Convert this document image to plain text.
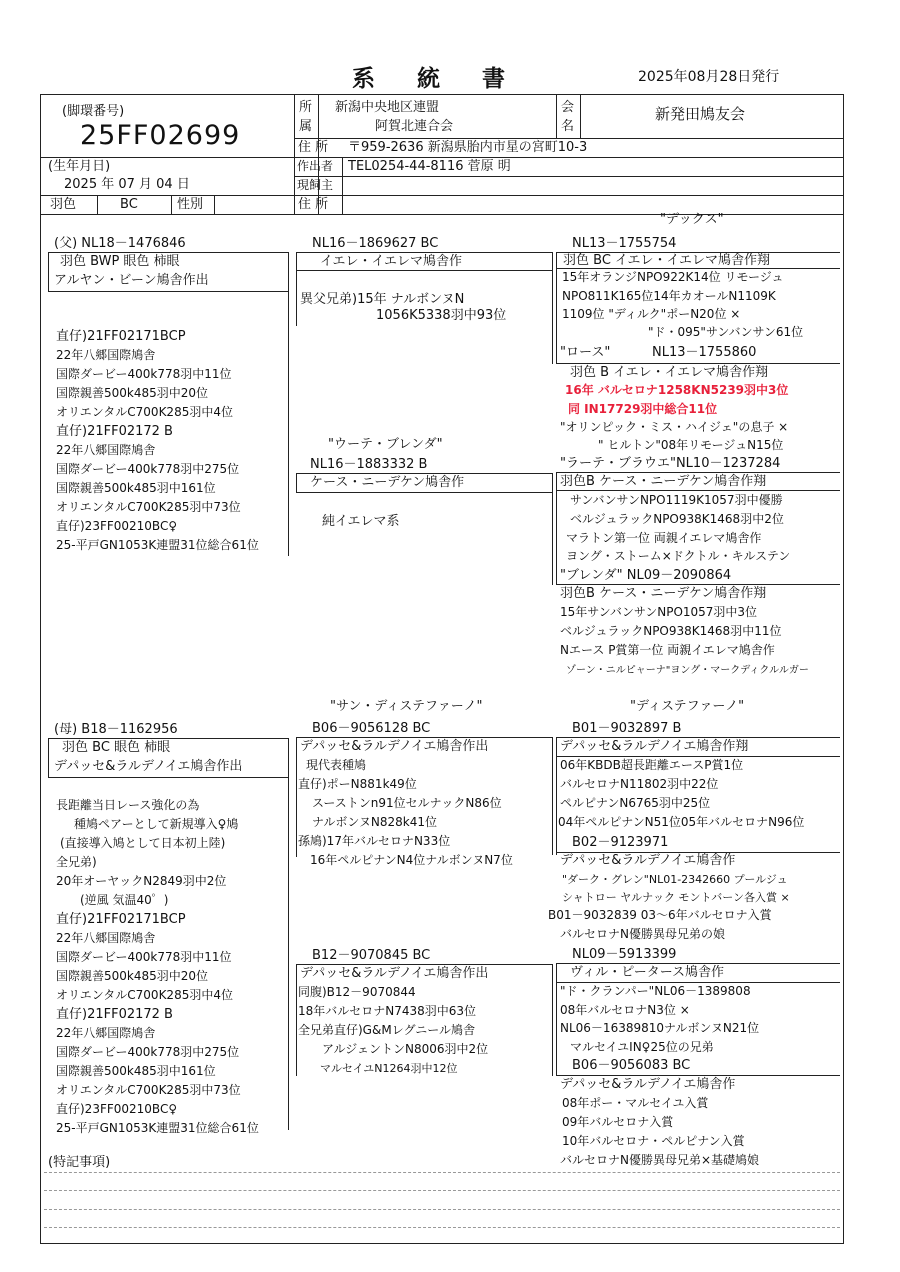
系統書	2025年08月28日発行
(脚環番号)
25FF02699
(生年月日)
2025 年 07 月 04 日
羽色	BC	性別
所
属
新潟中央地区連盟
阿賀北連合会
会
名
新発田鳩友会
住 所 〒959-2636 新潟県胎内市星の宮町10-3
作出者 TEL0254-44-8116 菅原 明
現飼主
住 所
(父) NL18－1476846
羽色 BWP 眼色 柿眼
アルヤン・ビーン鳩舎作出
直仔)21FF02171BCP
22年八郷国際鳩舎
国際ダービー400k778羽中11位
国際親善500k485羽中20位
オリエンタルC700K285羽中4位
直仔)21FF02172 B
22年八郷国際鳩舎
国際ダービー400k778羽中275位
国際親善500k485羽中161位
オリエンタルC700K285羽中73位
直仔)23FF00210BC♀
25-平戸GN1053K連盟31位総合61位
NL16－1869627 BC
イエレ・イエレマ鳩舎作
異父兄弟)15年 ナルボンヌN
1056K5338羽中93位
"デックス"
NL13－1755754
羽色 BC イエレ・イエレマ鳩舎作翔
15年オランジNPO922K14位 リモージュ
NPO811K165位14年カオールN1109K
1109位 "ディルク"ポーN20位 ×
"ド・095"サンバンサン61位
"ロース"	NL13－1755860
羽色 B イエレ・イエレマ鳩舎作翔
16年 バルセロナ1258KN5239羽中3位
同 IN17729羽中総合11位
"オリンピック・ミス・ハイジェ"の息子 ×
" ヒルトン"08年リモージュN15位
"ウーテ・ブレンダ"
NL16－1883332 B
ケース・ニーデケン鳩舎作
純イエレマ系
"ラーテ・ブラウエ"NL10－1237284
羽色B ケース・ニーデケン鳩舎作翔
サンバンサンNPO1119K1057羽中優勝
ベルジュラックNPO938K1468羽中2位
マラトン第一位 両親イエレマ鳩舎作
ヨング・ストーム×ドクトル・キルステン
"ブレンダ" NL09－2090864
羽色B ケース・ニーデケン鳩舎作翔
15年サンバンサンNPO1057羽中3位
ベルジュラックNPO938K1468羽中11位
Nエース P賞第一位 両親イエレマ鳩舎作
ゾーン・ニルピャーナ"ヨング・マークディクルルガー
(母) B18－1162956
羽色 BC 眼色 柿眼
デパッセ&ラルデノイエ鳩舎作出
長距離当日レース強化の為
種鳩ペアーとして新規導入♀鳩
(直接導入鳩として日本初上陸)
全兄弟)
20年オーヤックN2849羽中2位
(逆風 気温40゜)
直仔)21FF02171BCP
22年八郷国際鳩舎
国際ダービー400k778羽中11位
国際親善500k485羽中20位
オリエンタルC700K285羽中4位
直仔)21FF02172 B
22年八郷国際鳩舎
国際ダービー400k778羽中275位
国際親善500k485羽中161位
オリエンタルC700K285羽中73位
直仔)23FF00210BC♀
25-平戸GN1053K連盟31位総合61位
"サン・ディステファーノ"
B06－9056128 BC
デパッセ&ラルデノイエ鳩舎作出
現代表種鳩
直仔)ポーN881k49位
スーストンn91位セルナックN86位
ナルボンヌN828k41位
孫鳩)17年バルセロナN33位
16年ペルピナンN4位ナルボンヌN7位
"ディステファーノ"
B01－9032897 B
デパッセ&ラルデノイエ鳩舎作翔
06年KBDB超長距離エースP賞1位
バルセロナN11802羽中22位
ペルピナンN6765羽中25位
04年ペルピナンN51位05年バルセロナN96位
B02－9123971
デパッセ&ラルデノイエ鳩舎作
"ダーク・グレン"NL01-2342660 プールジュ
シャトロー ヤルナック モントバーン各入賞 ×
B01－9032839 03～6年バルセロナ入賞
バルセロナN優勝異母兄弟の娘
B12－9070845 BC
デパッセ&ラルデノイエ鳩舎作出
同腹)B12－9070844
18年バルセロナN7438羽中63位
全兄弟直仔)G&Mレグニール鳩舎
アルジェントンN8006羽中2位
マルセイユN1264羽中12位
NL09－5913399
ヴィル・ピータース鳩舎作
"ド・クランパー"NL06－1389808
08年バルセロナN3位 ×
NL06－16389810ナルボンヌN21位
マルセイユIN♀25位の兄弟
B06－9056083 BC
デパッセ&ラルデノイエ鳩舎作
08年ポー・マルセイユ入賞
09年バルセロナ入賞
10年バルセロナ・ペルピナン入賞
バルセロナN優勝異母兄弟×基礎鳩娘
(特記事項)
